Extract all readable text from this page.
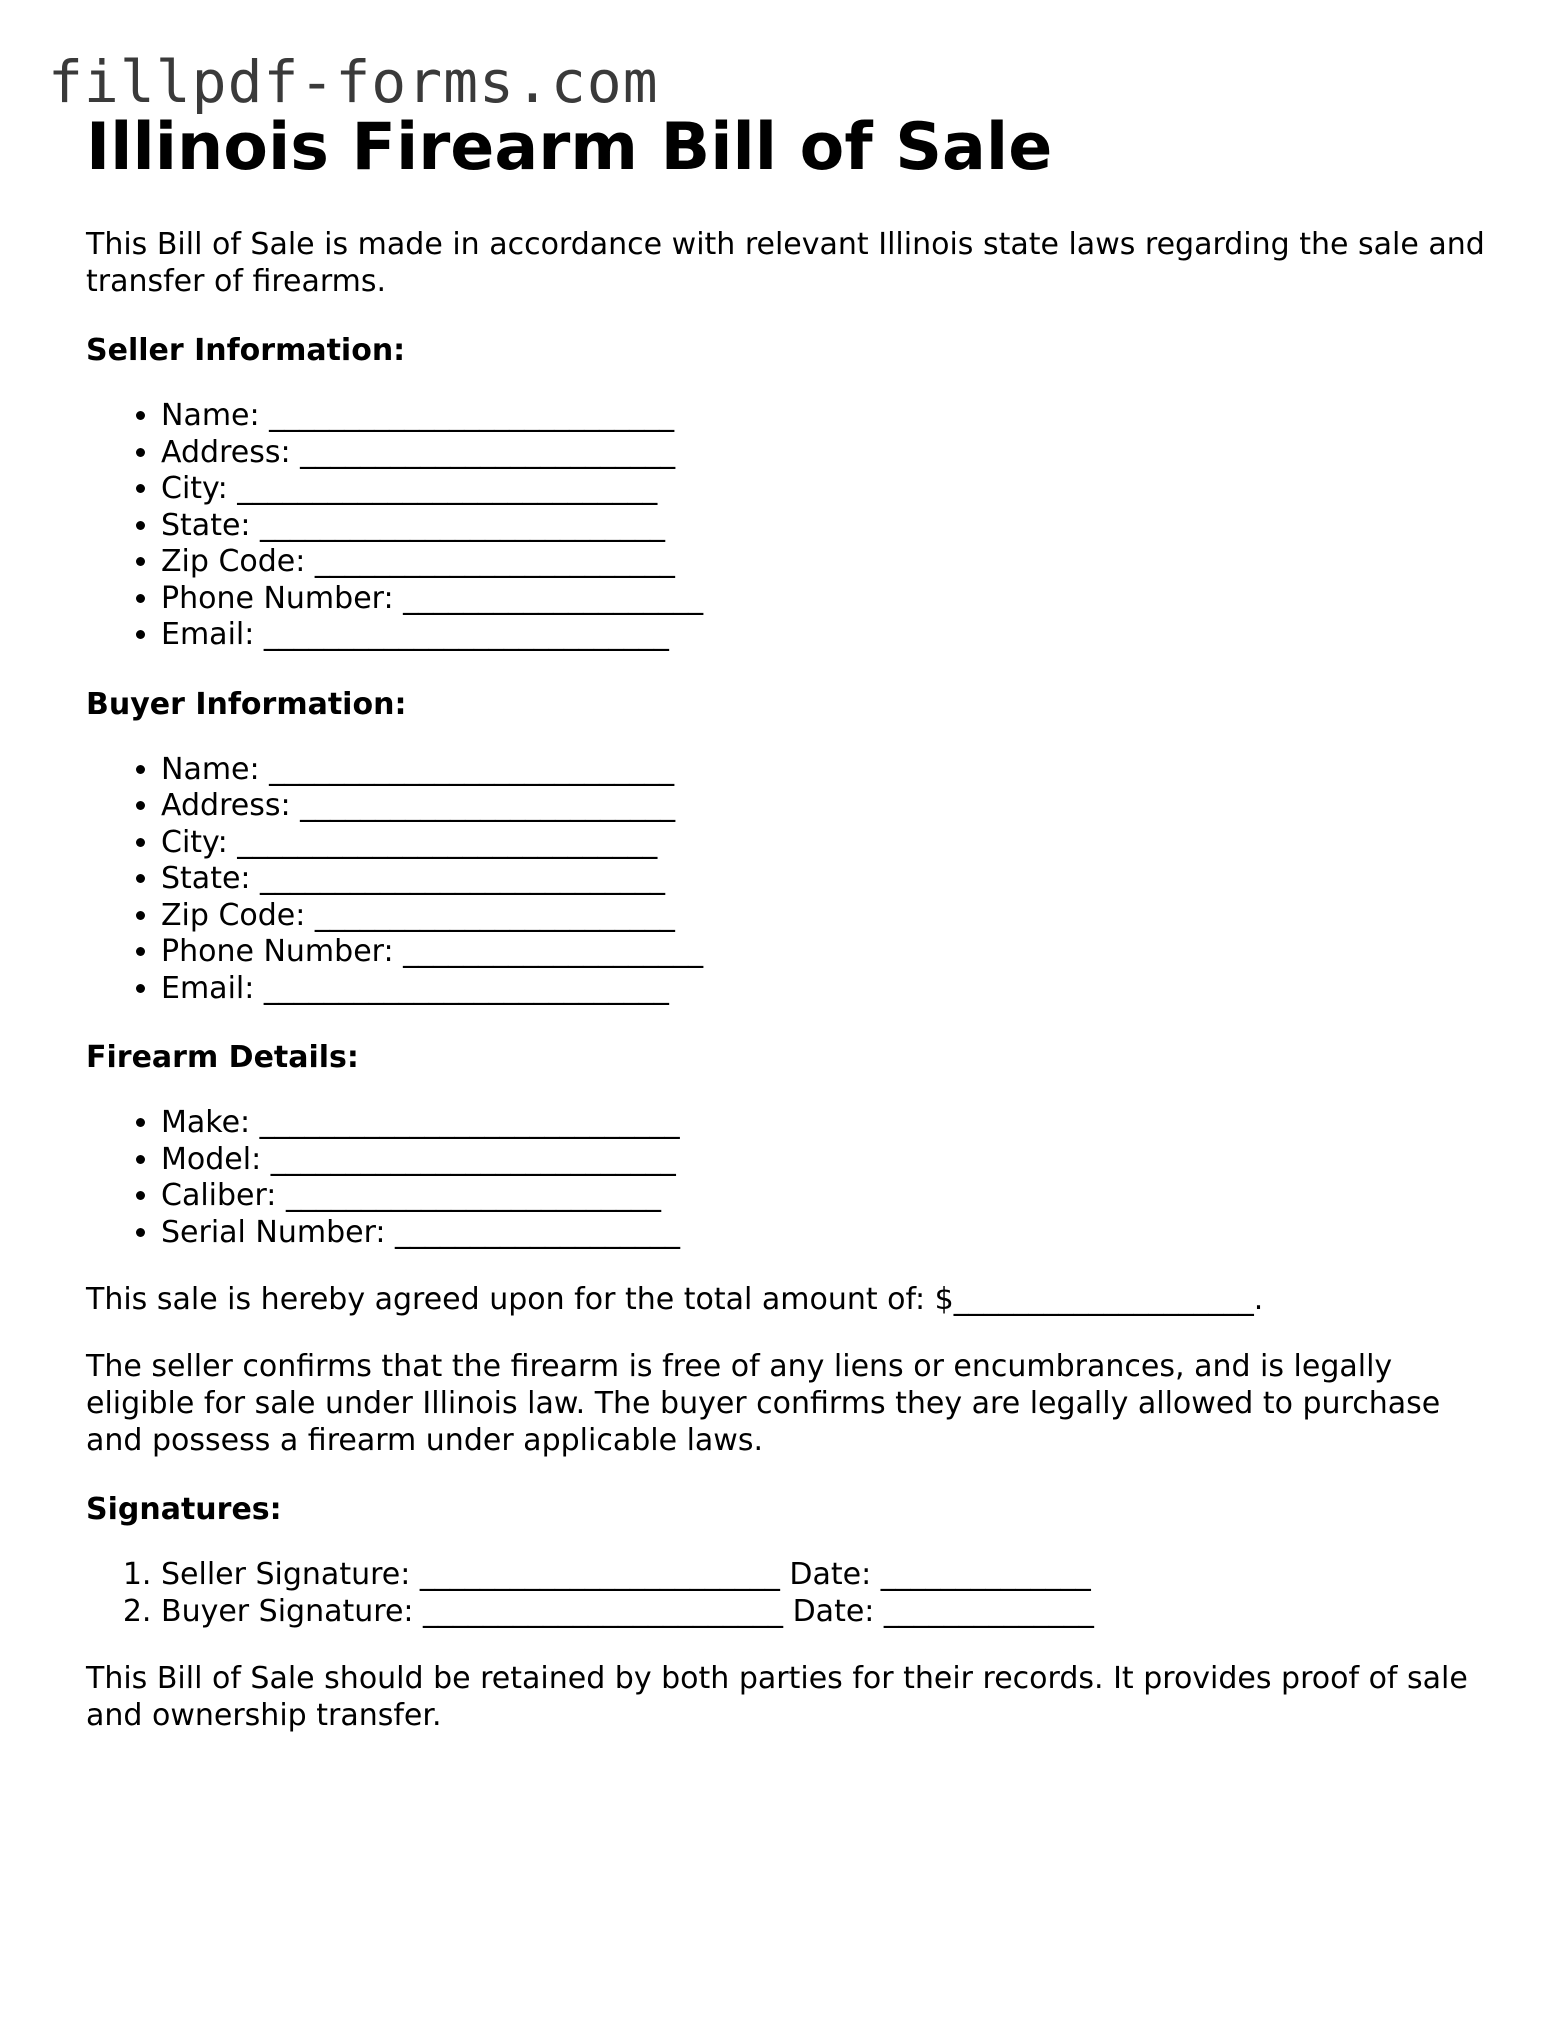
fillpdf-forms.com
Illinois Firearm Bill of Sale

This Bill of Sale is made in accordance with relevant Illinois state laws regarding the sale and transfer of firearms.

Seller Information:
• Name: ___________________________
• Address: _________________________
• City: ____________________________
• State: ___________________________
• Zip Code: ________________________
• Phone Number: ____________________
• Email: ___________________________
Buyer Information:
• Name: ___________________________
• Address: _________________________
• City: ____________________________
• State: ___________________________
• Zip Code: ________________________
• Phone Number: ____________________
• Email: ___________________________
Firearm Details:
• Make: ____________________________
• Model: ___________________________
• Caliber: _________________________
• Serial Number: ___________________

This sale is hereby agreed upon for the total amount of: $____________________.

The seller confirms that the firearm is free of any liens or encumbrances, and is legally eligible for sale under Illinois law. The buyer confirms they are legally allowed to purchase and possess a firearm under applicable laws.

Signatures:
1. Seller Signature: ________________________ Date: ______________
2. Buyer Signature: ________________________ Date: ______________

This Bill of Sale should be retained by both parties for their records. It provides proof of sale and ownership transfer.
